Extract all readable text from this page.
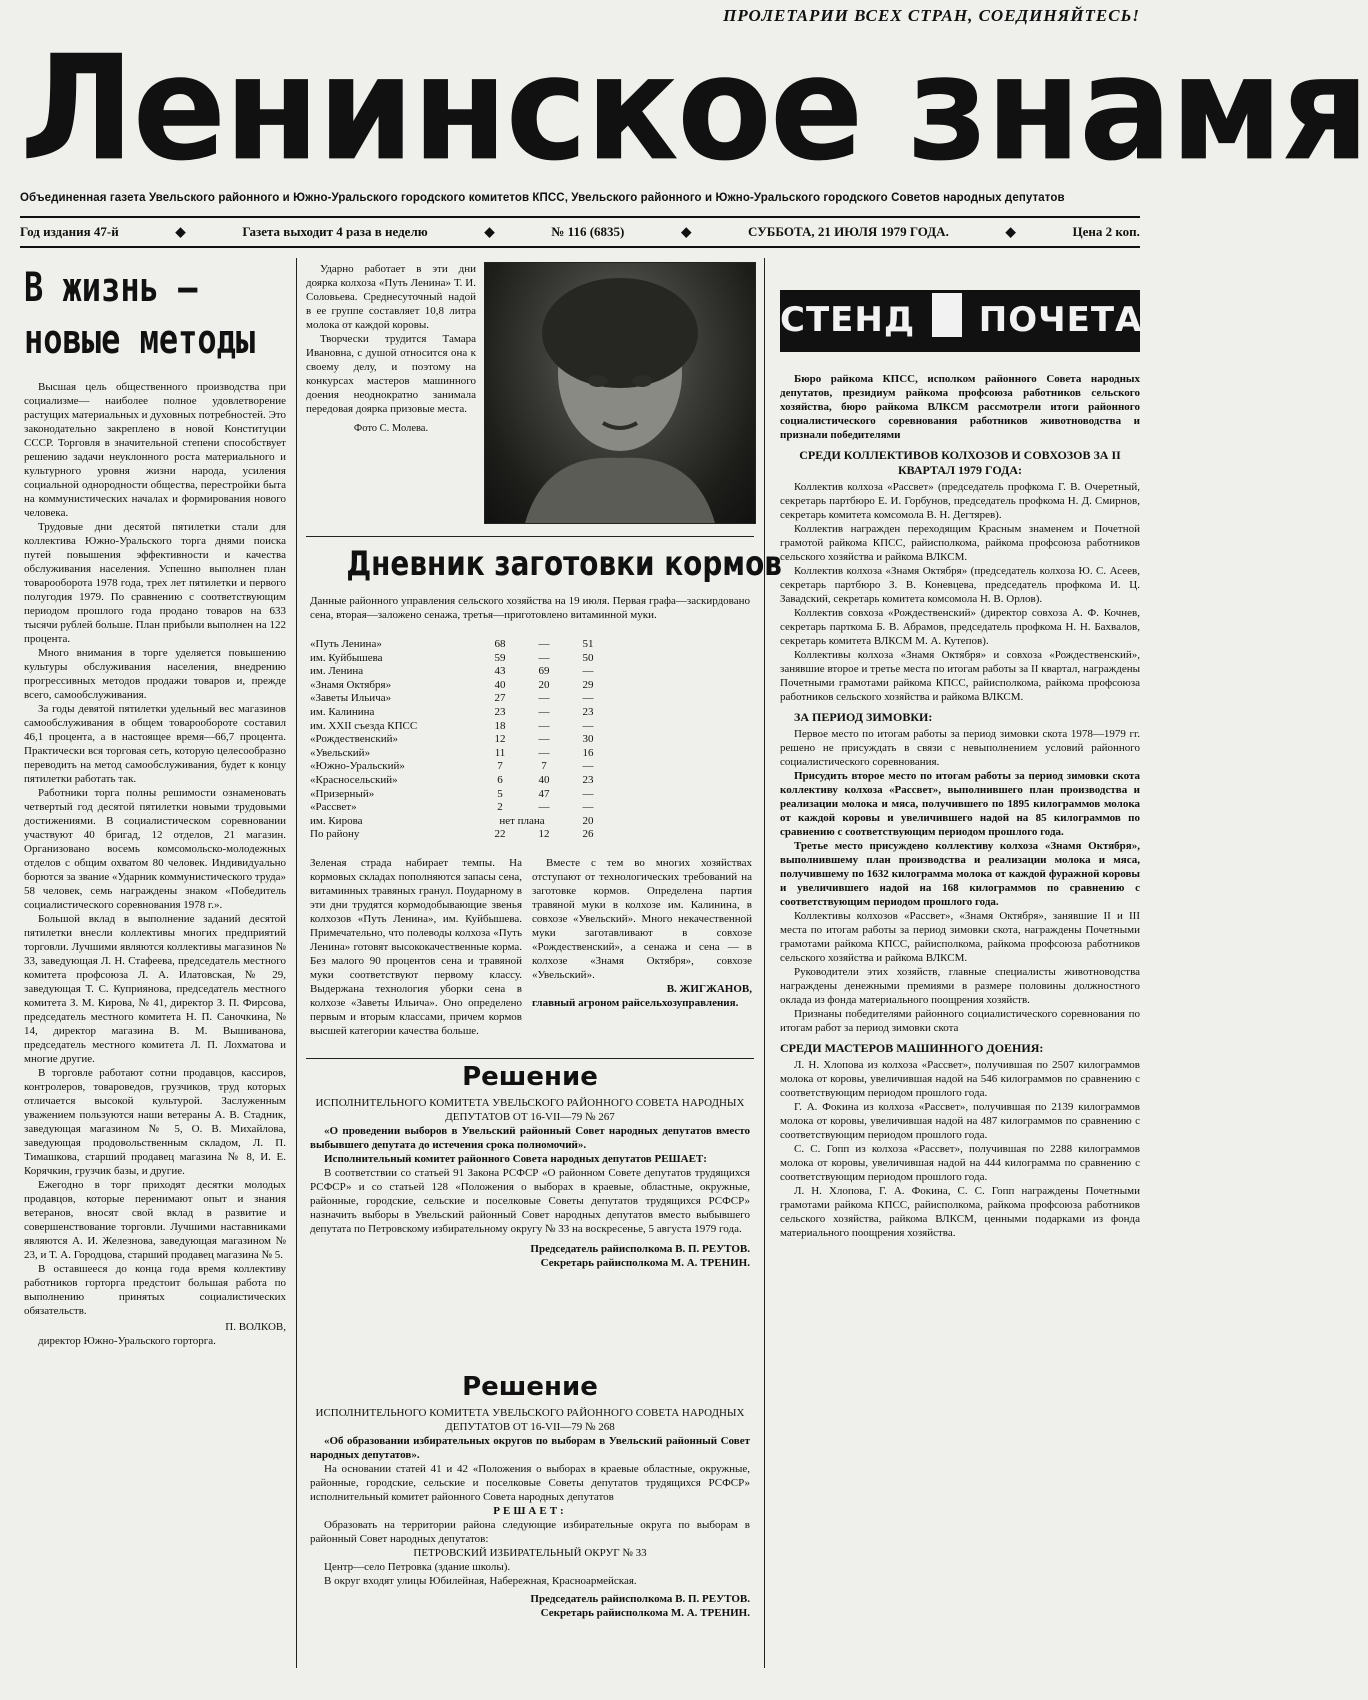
ПРОЛЕТАРИИ ВСЕХ СТРАН, СОЕДИНЯЙТЕСЬ!
Ленинское знамя
Объединенная газета Увельского районного и Южно-Уральского городского комитетов КПСС, Увельского районного и Южно-Уральского городского Советов народных депутатов
Год издания 47-й	◆	Газета выходит 4 раза в неделю	◆	№ 116 (6835)	◆	СУББОТА, 21 ИЮЛЯ 1979 ГОДА.	◆	Цена 2 коп.
В жизнь —
новые методы

Высшая цель общественного производства при социализме— наиболее полное удовлетворение растущих материальных и духовных потребностей. Это законодательно закреплено в новой Конституции СССР. Торговля в значительной степени способствует решению задачи неуклонного роста материального и культурного уровня жизни народа, усиления социальной однородности общества, перестройки быта на коммунистических началах и формирования нового человека.

Трудовые дни десятой пятилетки стали для коллектива Южно-Уральского торга днями поиска путей повышения эффективности и качества обслуживания населения. Успешно выполнен план товарооборота 1978 года, трех лет пятилетки и первого полугодия 1979. По сравнению с соответствующим периодом прошлого года продано товаров на 633 тысячи рублей больше. План прибыли выполнен на 122 процента.

Много внимания в торге уделяется повышению культуры обслуживания населения, внедрению прогрессивных методов продажи товаров и, прежде всего, самообслуживания.

За годы девятой пятилетки удельный вес магазинов самообслуживания в общем товарообороте составил 46,1 процента, а в настоящее время—66,7 процента. Практически вся торговая сеть, которую целесообразно переводить на метод самообслуживания, будет к концу пятилетки работать так.

Работники торга полны решимости ознаменовать четвертый год десятой пятилетки новыми трудовыми достижениями. В социалистическом соревновании участвуют 40 бригад, 12 отделов, 21 магазин. Организовано восемь комсомольско-молодежных отделов с общим охватом 80 человек. Индивидуально борются за звание «Ударник коммунистического труда» 58 человек, семь награждены знаком «Победитель социалистического соревнования 1978 г.».

Большой вклад в выполнение заданий десятой пятилетки внесли коллективы многих предприятий торговли. Лучшими являются коллективы магазинов № 33, заведующая Л. Н. Стафеева, председатель местного комитета профсоюза Л. А. Илатовская, № 29, заведующая Т. С. Куприянова, председатель местного комитета З. М. Кирова, № 41, директор З. П. Фирсова, председатель местного комитета Н. П. Саночкина, № 14, директор магазина В. М. Вышиванова, председатель местного комитета Л. П. Лохматова и многие другие.

В торговле работают сотни продавцов, кассиров, контролеров, товароведов, грузчиков, труд которых отличается высокой культурой. Заслуженным уважением пользуются наши ветераны А. В. Стадник, заведующая магазином № 5, О. В. Михайлова, заведующая продовольственным складом, Л. П. Тимашкова, старший продавец магазина № 8, И. Е. Корячкин, грузчик базы, и другие.

Ежегодно в торг приходят десятки молодых продавцов, которые перенимают опыт и знания ветеранов, вносят свой вклад в развитие и совершенствование торговли. Лучшими наставниками являются А. И. Железнова, заведующая магазином № 23, и Т. А. Городцова, старший продавец магазина № 5.

В оставшееся до конца года время коллективу работников горторга предстоит большая работа по выполнению принятых социалистических обязательств.

П. ВОЛКОВ,
директор Южно-Уральского горторга.

Ударно работает в эти дни доярка колхоза «Путь Ленина» Т. И. Соловьева. Среднесуточный надой в ее группе составляет 10,8 литра молока от каждой коровы.

Творчески трудится Тамара Ивановна, с душой относится она к своему делу, и поэтому на конкурсах мастеров машинного доения неоднократно занимала передовая доярка призовые места.

Фото С. Молева.
Дневник заготовки кормов
Данные районного управления сельского хозяйства на 19 июля. Первая графа—заскирдовано сена, вторая—заложено сенажа, третья—приготовлено витаминной муки.
«Путь Ленина»	68	—	51
им. Куйбышева	59	—	50
им. Ленина	43	69	—
«Знамя Октября»	40	20	29
«Заветы Ильича»	27	—	—
им. Калинина	23	—	23
им. XXII съезда КПСС	18	—	—
«Рождественский»	12	—	30
«Увельский»	11	—	16
«Южно-Уральский»	7	7	—
«Красносельский»	6	40	23
«Призерный»	5	47	—
«Рассвет»	2	—	—
им. Кирова	нет плана		20
По району	22	12	26
Зеленая страда набирает темпы. На кормовых складах пополняются запасы сена, витаминных травяных гранул. Поударному в эти дни трудятся кормодобывающие звенья колхозов «Путь Ленина», им. Куйбышева. Примечательно, что полеводы колхоза «Путь Ленина» готовят высококачественные корма. Без малого 90 процентов сена и травяной муки соответствуют первому классу. Выдержана технология уборки сена в колхозе «Заветы Ильича». Оно определено первым и вторым классами, причем кормов высшей категории качества больше.

Вместе с тем во многих хозяйствах отступают от технологических требований на заготовке кормов. Определена партия травяной муки в колхозе им. Калинина, в совхозе «Увельский». Много некачественной муки заготавливают в совхозе «Рождественский», а сенажа и сена — в колхозе «Знамя Октября», совхозе «Увельский».

В. ЖИГЖАНОВ,
главный агроном райсельхозуправления.
Решение
ИСПОЛНИТЕЛЬНОГО КОМИТЕТА УВЕЛЬСКОГО РАЙОННОГО СОВЕТА НАРОДНЫХ ДЕПУТАТОВ ОТ 16-VII—79 № 267
«О проведении выборов в Увельский районный Совет народных депутатов вместо выбывшего депутата до истечения срока полномочий».
Исполнительный комитет районного Совета народных депутатов РЕШАЕТ:
В соответствии со статьей 91 Закона РСФСР «О районном Совете депутатов трудящихся РСФСР» и со статьей 128 «Положения о выборах в краевые, областные, окружные, районные, городские, сельские и поселковые Советы депутатов трудящихся РСФСР» назначить выборы в Увельский районный Совет народных депутатов вместо выбывшего депутата по Петровскому избирательному округу № 33 на воскресенье, 5 августа 1979 года.
Председатель райисполкома В. П. РЕУТОВ.
Секретарь райисполкома М. А. ТРЕНИН.
Решение
ИСПОЛНИТЕЛЬНОГО КОМИТЕТА УВЕЛЬСКОГО РАЙОННОГО СОВЕТА НАРОДНЫХ ДЕПУТАТОВ ОТ 16-VII—79 № 268
«Об образовании избирательных округов по выборам в Увельский районный Совет народных депутатов».
На основании статей 41 и 42 «Положения о выборах в краевые областные, окружные, районные, городские, сельские и поселковые Советы депутатов трудящихся РСФСР» исполнительный комитет районного Совета народных депутатов
РЕШАЕТ:
Образовать на территории района следующие избирательные округа по выборам в районный Совет народных депутатов:
ПЕТРОВСКИЙ ИЗБИРАТЕЛЬНЫЙ ОКРУГ № 33
Центр—село Петровка (здание школы).
В округ входят улицы Юбилейная, Набережная, Красноармейская.
Председатель райисполкома В. П. РЕУТОВ.
Секретарь райисполкома М. А. ТРЕНИН.
СТЕНД ПОЧЕТА
Бюро райкома КПСС, исполком районного Совета народных депутатов, президиум райкома профсоюза работников сельского хозяйства, бюро райкома ВЛКСМ рассмотрели итоги районного социалистического соревнования работников животноводства и признали победителями
СРЕДИ КОЛЛЕКТИВОВ КОЛХОЗОВ И СОВХОЗОВ ЗА II КВАРТАЛ 1979 ГОДА:

Коллектив колхоза «Рассвет» (председатель профкома Г. В. Очеретный, секретарь партбюро Е. И. Горбунов, председатель профкома Н. Д. Смирнов, секретарь комитета комсомола В. Н. Дегтярев).

Коллектив награжден переходящим Красным знаменем и Почетной грамотой райкома КПСС, райисполкома, райкома профсоюза работников сельского хозяйства и райкома ВЛКСМ.

Коллектив колхоза «Знамя Октября» (председатель колхоза Ю. С. Асеев, секретарь партбюро З. В. Коневцева, председатель профкома И. Ц. Завадский, секретарь комитета комсомола Н. В. Орлов).

Коллектив совхоза «Рождественский» (директор совхоза А. Ф. Кочнев, секретарь парткома Б. В. Абрамов, председатель профкома Н. Н. Бахвалов, секретарь комитета ВЛКСМ М. А. Кутепов).

Коллективы колхоза «Знамя Октября» и совхоза «Рождественский», занявшие второе и третье места по итогам работы за II квартал, награждены Почетными грамотами райкома КПСС, райисполкома, райкома профсоюза работников сельского хозяйства и райкома ВЛКСМ.

ЗА ПЕРИОД ЗИМОВКИ:

Первое место по итогам работы за период зимовки скота 1978—1979 гг. решено не присуждать в связи с невыполнением условий районного социалистического соревнования.

Присудить второе место по итогам работы за период зимовки скота коллективу колхоза «Рассвет», выполнившего план производства и реализации молока и мяса, получившего по 1895 килограммов молока от каждой коровы и увеличившего надой на 85 килограммов по сравнению с соответствующим периодом прошлого года.

Третье место присуждено коллективу колхоза «Знамя Октября», выполнившему план производства и реализации молока и мяса, получившему по 1632 килограмма молока от каждой фуражной коровы и увеличившего надой на 168 килограммов по сравнению с соответствующим периодом прошлого года.

Коллективы колхозов «Рассвет», «Знамя Октября», занявшие II и III места по итогам работы за период зимовки скота, награждены Почетными грамотами райкома КПСС, райисполкома, райкома профсоюза работников сельского хозяйства и райкома ВЛКСМ.

Руководители этих хозяйств, главные специалисты животноводства награждены денежными премиями в размере половины должностного оклада из фонда материального поощрения хозяйств.

Признаны победителями районного социалистического соревнования по итогам работ за период зимовки скота

СРЕДИ МАСТЕРОВ МАШИННОГО ДОЕНИЯ:

Л. Н. Хлопова из колхоза «Рассвет», получившая по 2507 килограммов молока от коровы, увеличившая надой на 546 килограммов по сравнению с соответствующим периодом прошлого года.

Г. А. Фокина из колхоза «Рассвет», получившая по 2139 килограммов молока от коровы, увеличившая надой на 487 килограммов по сравнению с соответствующим периодом прошлого года.

С. С. Гопп из колхоза «Рассвет», получившая по 2288 килограммов молока от коровы, увеличившая надой на 444 килограмма по сравнению с соответствующим периодом прошлого года.

Л. Н. Хлопова, Г. А. Фокина, С. С. Гопп награждены Почетными грамотами райкома КПСС, райисполкома, райкома профсоюза работников сельского хозяйства, райкома ВЛКСМ, ценными подарками из фонда материального поощрения хозяйства.
